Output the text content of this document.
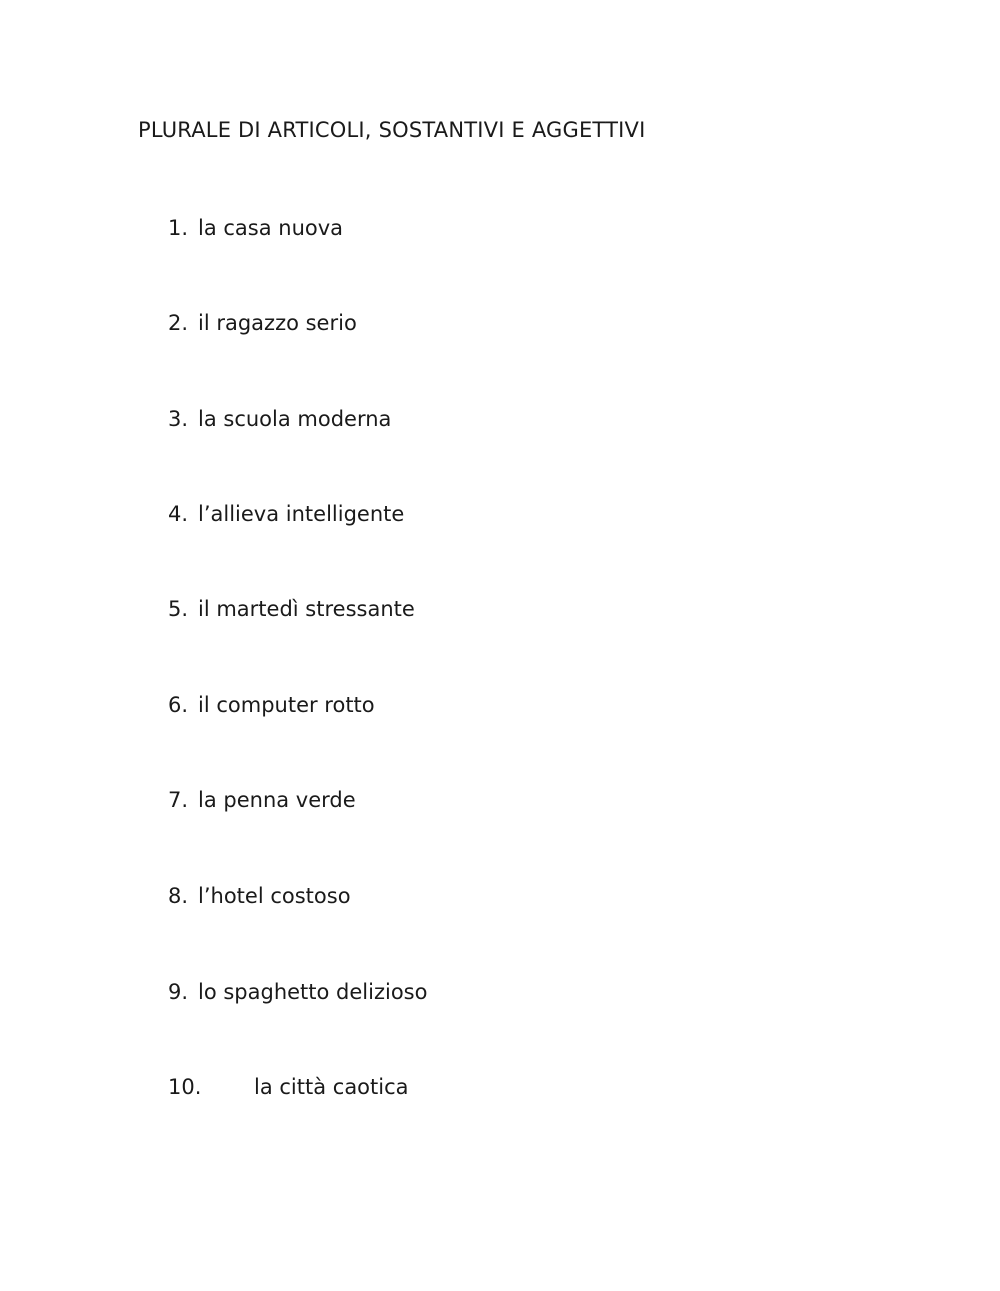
PLURALE DI ARTICOLI, SOSTANTIVI E AGGETTIVI
1. la casa nuova
2. il ragazzo serio
3. la scuola moderna
4. l’allieva intelligente
5. il martedì stressante
6. il computer rotto
7. la penna verde
8. l’hotel costoso
9. lo spaghetto delizioso
10.	la città caotica
